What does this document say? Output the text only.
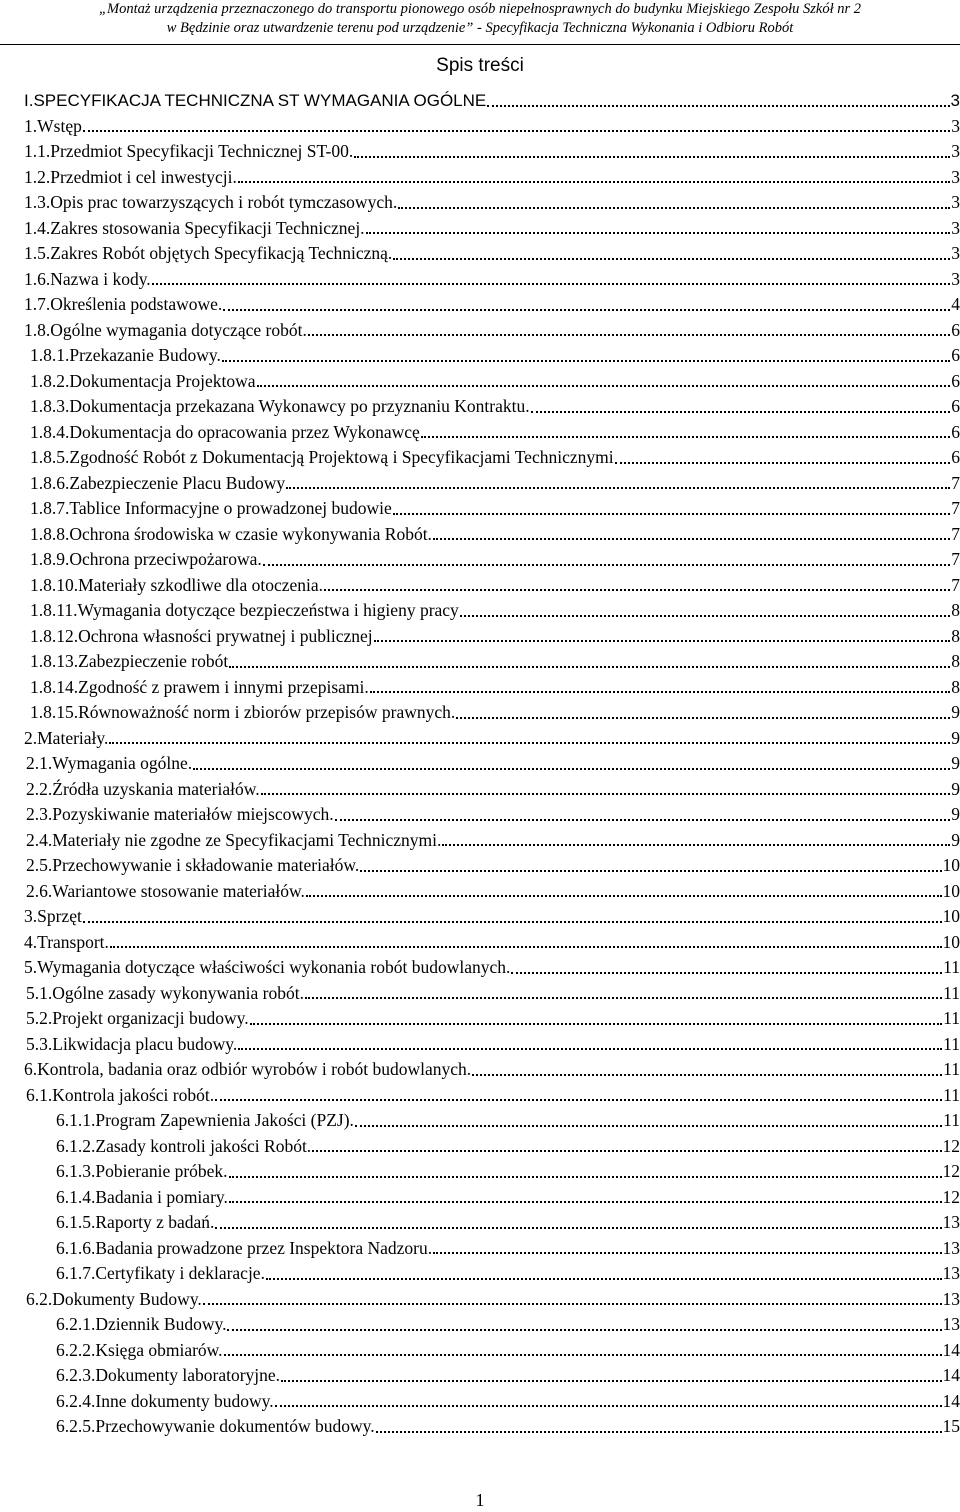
„Montaż urządzenia przeznaczonego do transportu pionowego osób niepełnosprawnych do budynku Miejskiego Zespołu Szkół nr 2
w Będzinie oraz utwardzenie terenu pod urządzenie” - Specyfikacja Techniczna Wykonania i Odbioru Robót
Spis treści
I.SPECYFIKACJA TECHNICZNA ST WYMAGANIA OGÓLNE	3
1.Wstęp	3
1.1.Przedmiot Specyfikacji Technicznej ST-00.	3
1.2.Przedmiot i cel inwestycji.	3
1.3.Opis prac towarzyszących i robót tymczasowych.	3
1.4.Zakres stosowania Specyfikacji Technicznej.	3
1.5.Zakres Robót objętych Specyfikacją Techniczną.	3
1.6.Nazwa i kody.	3
1.7.Określenia podstawowe.	4
1.8.Ogólne wymagania dotyczące robót.	6
1.8.1.Przekazanie Budowy.	6
1.8.2.Dokumentacja Projektowa	6
1.8.3.Dokumentacja przekazana Wykonawcy po przyznaniu Kontraktu.	6
1.8.4.Dokumentacja do opracowania przez Wykonawcę	6
1.8.5.Zgodność Robót z Dokumentacją Projektową i Specyfikacjami Technicznymi	6
1.8.6.Zabezpieczenie Placu Budowy	7
1.8.7.Tablice Informacyjne o prowadzonej budowie	7
1.8.8.Ochrona środowiska w czasie wykonywania Robót.	7
1.8.9.Ochrona przeciwpożarowa.	7
1.8.10.Materiały szkodliwe dla otoczenia.	7
1.8.11.Wymagania dotyczące bezpieczeństwa i higieny pracy	8
1.8.12.Ochrona własności prywatnej i publicznej	8
1.8.13.Zabezpieczenie robót	8
1.8.14.Zgodność z prawem i innymi przepisami.	8
1.8.15.Równoważność norm i zbiorów przepisów prawnych.	9
2.Materiały.	9
2.1.Wymagania ogólne.	9
2.2.Źródła uzyskania materiałów.	9
2.3.Pozyskiwanie materiałów miejscowych.	9
2.4.Materiały nie zgodne ze Specyfikacjami Technicznymi.	9
2.5.Przechowywanie i składowanie materiałów.	10
2.6.Wariantowe stosowanie materiałów.	10
3.Sprzęt	10
4.Transport.	10
5.Wymagania dotyczące właściwości wykonania robót budowlanych.	11
5.1.Ogólne zasady wykonywania robót.	11
5.2.Projekt organizacji budowy.	11
5.3.Likwidacja placu budowy.	11
6.Kontrola, badania oraz odbiór wyrobów i robót budowlanych.	11
6.1.Kontrola jakości robót.	11
6.1.1.Program Zapewnienia Jakości (PZJ).	11
6.1.2.Zasady kontroli jakości Robót.	12
6.1.3.Pobieranie próbek.	12
6.1.4.Badania i pomiary.	12
6.1.5.Raporty z badań.	13
6.1.6.Badania prowadzone przez Inspektora Nadzoru.	13
6.1.7.Certyfikaty i deklaracje.	13
6.2.Dokumenty Budowy.	13
6.2.1.Dziennik Budowy.	13
6.2.2.Księga obmiarów.	14
6.2.3.Dokumenty laboratoryjne.	14
6.2.4.Inne dokumenty budowy.	14
6.2.5.Przechowywanie dokumentów budowy.	15
1
